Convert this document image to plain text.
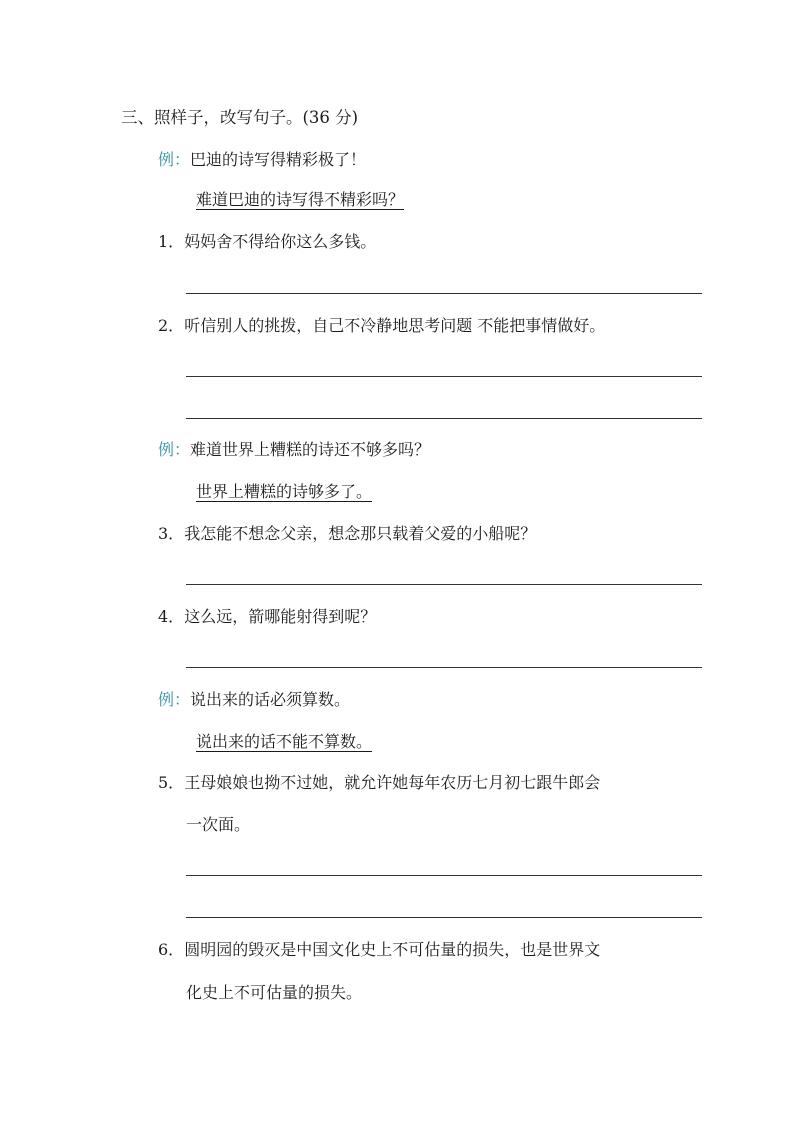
三、照样子，改写句子。(36 分)
例：巴迪的诗写得精彩极了！
难道巴迪的诗写得不精彩吗？
1．妈妈舍不得给你这么多钱。
2．听信别人的挑拨，自己不冷静地思考问题 不能把事情做好。
例：难道世界上糟糕的诗还不够多吗？
世界上糟糕的诗够多了。
3．我怎能不想念父亲，想念那只载着父爱的小船呢？
4．这么远，箭哪能射得到呢？
例：说出来的话必须算数。
说出来的话不能不算数。
5．王母娘娘也拗不过她，就允许她每年农历七月初七跟牛郎会
一次面。
6．圆明园的毁灭是中国文化史上不可估量的损失，也是世界文
化史上不可估量的损失。
